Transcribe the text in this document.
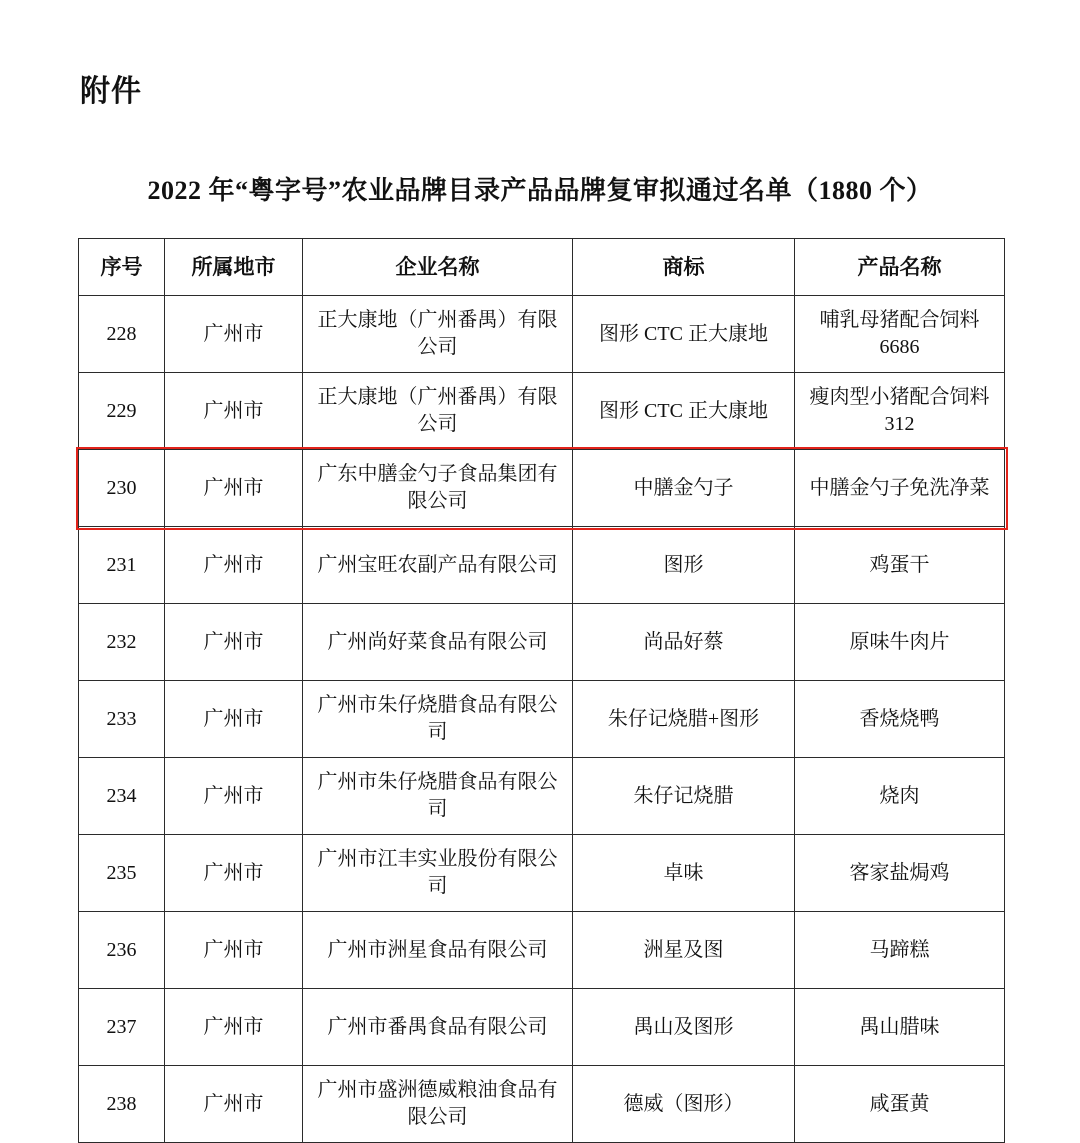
附件
2022 年“粤字号”农业品牌目录产品品牌复审拟通过名单（1880 个）
序号	所属地市	企业名称	商标	产品名称
228	广州市	正大康地（广州番禺）有限公司	图形 CTC 正大康地	哺乳母猪配合饲料 6686
229	广州市	正大康地（广州番禺）有限公司	图形 CTC 正大康地	瘦肉型小猪配合饲料 312
230	广州市	广东中膳金勺子食品集团有限公司	中膳金勺子	中膳金勺子免洗净菜
231	广州市	广州宝旺农副产品有限公司	图形	鸡蛋干
232	广州市	广州尚好菜食品有限公司	尚品好蔡	原味牛肉片
233	广州市	广州市朱仔烧腊食品有限公司	朱仔记烧腊+图形	香烧烧鸭
234	广州市	广州市朱仔烧腊食品有限公司	朱仔记烧腊	烧肉
235	广州市	广州市江丰实业股份有限公司	卓味	客家盐焗鸡
236	广州市	广州市洲星食品有限公司	洲星及图	马蹄糕
237	广州市	广州市番禺食品有限公司	禺山及图形	禺山腊味
238	广州市	广州市盛洲德威粮油食品有限公司	德威（图形）	咸蛋黄
